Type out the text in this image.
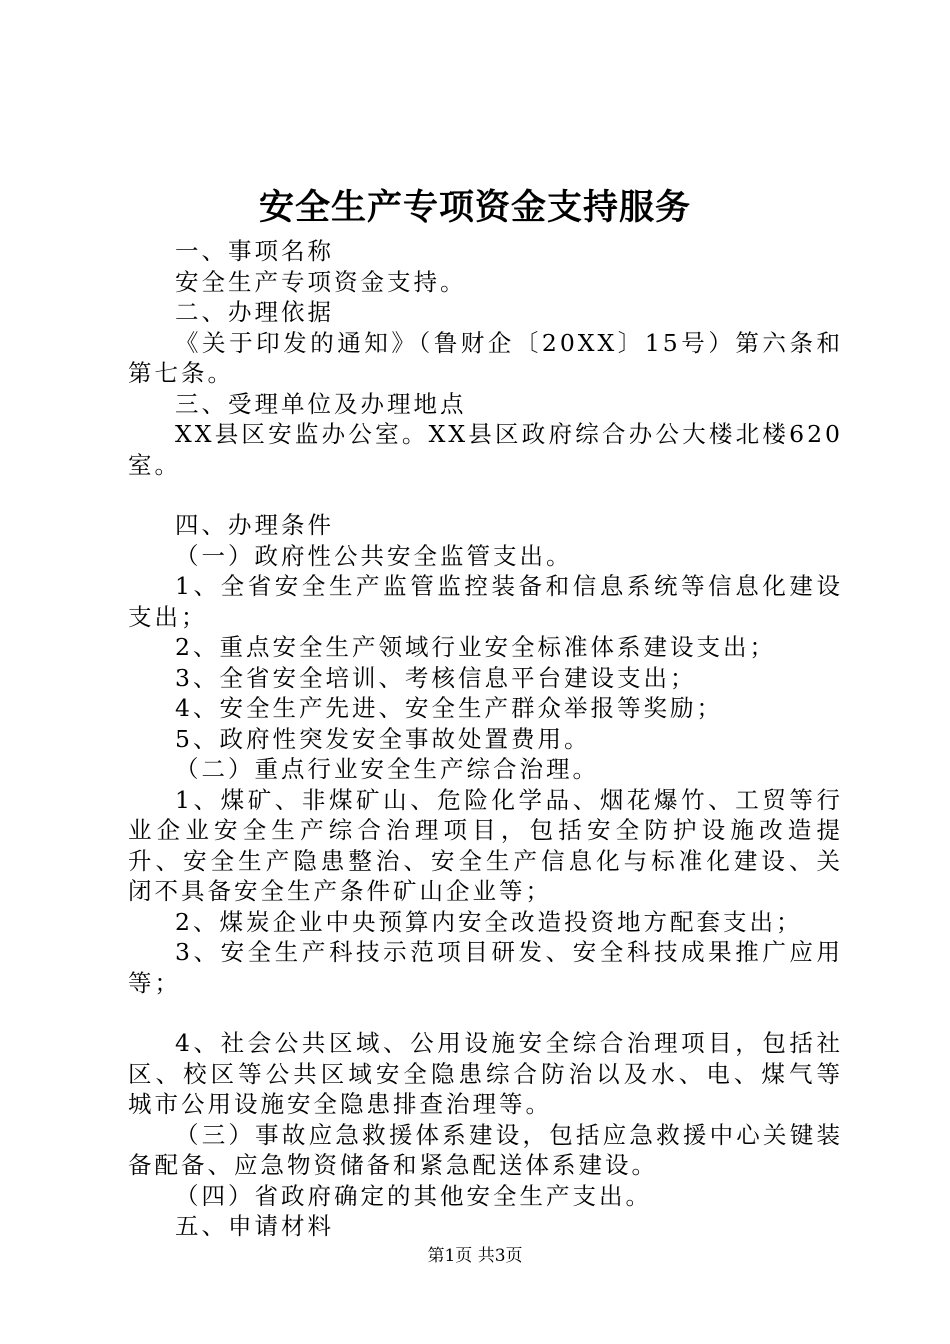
安全生产专项资金支持服务

一、事项名称

安全生产专项资金支持。

二、办理依据

《关于印发的通知》（鲁财企〔20XX〕15号）第六条和第七条。

三、受理单位及办理地点

XX县区安监办公室。XX县区政府综合办公大楼北楼620室。

四、办理条件

（一）政府性公共安全监管支出。

1、全省安全生产监管监控装备和信息系统等信息化建设支出；

2、重点安全生产领域行业安全标准体系建设支出；

3、全省安全培训、考核信息平台建设支出；

4、安全生产先进、安全生产群众举报等奖励；

5、政府性突发安全事故处置费用。

（二）重点行业安全生产综合治理。

1、煤矿、非煤矿山、危险化学品、烟花爆竹、工贸等行业企业安全生产综合治理项目，包括安全防护设施改造提升、安全生产隐患整治、安全生产信息化与标准化建设、关闭不具备安全生产条件矿山企业等；

2、煤炭企业中央预算内安全改造投资地方配套支出；

3、安全生产科技示范项目研发、安全科技成果推广应用等；

4、社会公共区域、公用设施安全综合治理项目，包括社区、校区等公共区域安全隐患综合防治以及水、电、煤气等城市公用设施安全隐患排查治理等。

（三）事故应急救援体系建设，包括应急救援中心关键装备配备、应急物资储备和紧急配送体系建设。

（四）省政府确定的其他安全生产支出。

五、申请材料

第1页 共3页
